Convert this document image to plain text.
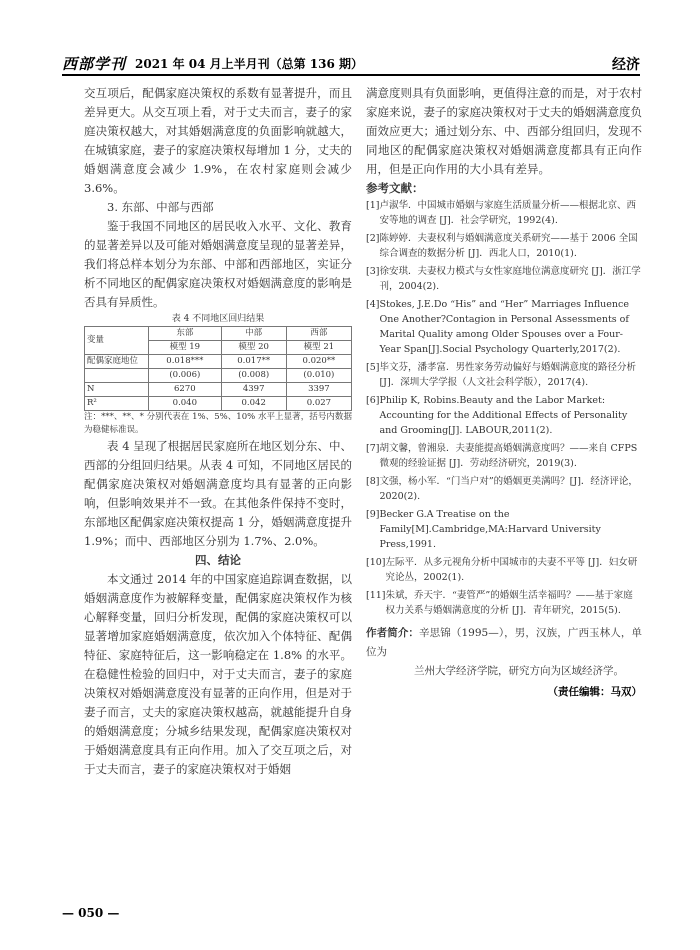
西部学刊 2021 年 04 月上半月刊（总第 136 期）	经济

交互项后，配偶家庭决策权的系数有显著提升，而且差异更大。从交互项上看，对于丈夫而言，妻子的家庭决策权越大，对其婚姻满意度的负面影响就越大，在城镇家庭，妻子的家庭决策权每增加 1 分，丈夫的婚姻满意度会减少 1.9%，在农村家庭则会减少 3.6%。

3. 东部、中部与西部

鉴于我国不同地区的居民收入水平、文化、教育的显著差异以及可能对婚姻满意度呈现的显著差异，我们将总样本划分为东部、中部和西部地区，实证分析不同地区的配偶家庭决策权对婚姻满意度的影响是否具有异质性。

表 4 不同地区回归结果

变量	东部	中部	西部
	模型 19	模型 20	模型 21
配偶家庭地位	0.018***	0.017**	0.020**
	(0.006)	(0.008)	(0.010)
N	6270	4397	3397
R²	0.040	0.042	0.027

注：***、**、* 分别代表在 1%、5%、10% 水平上显著，括号内数据为稳健标准误。

表 4 呈现了根据居民家庭所在地区划分东、中、西部的分组回归结果。从表 4 可知，不同地区居民的配偶家庭决策权对婚姻满意度均具有显著的正向影响，但影响效果并不一致。在其他条件保持不变时，东部地区配偶家庭决策权提高 1 分，婚姻满意度提升 1.9%；而中、西部地区分别为 1.7%、2.0%。

四、结论

本文通过 2014 年的中国家庭追踪调查数据，以婚姻满意度作为被解释变量，配偶家庭决策权作为核心解释变量，回归分析发现，配偶的家庭决策权可以显著增加家庭婚姻满意度，依次加入个体特征、配偶特征、家庭特征后，这一影响稳定在 1.8% 的水平。在稳健性检验的回归中，对于丈夫而言，妻子的家庭决策权对婚姻满意度没有显著的正向作用，但是对于妻子而言，丈夫的家庭决策权越高，就越能提升自身的婚姻满意度；分城乡结果发现，配偶家庭决策权对于婚姻满意度具有正向作用。加入了交互项之后，对于丈夫而言，妻子的家庭决策权对于婚姻

满意度则具有负面影响，更值得注意的而是，对于农村家庭来说，妻子的家庭决策权对于丈夫的婚姻满意度负面效应更大；通过划分东、中、西部分组回归，发现不同地区的配偶家庭决策权对婚姻满意度都具有正向作用，但是正向作用的大小具有差异。

参考文献：

[1] 卢淑华．中国城市婚姻与家庭生活质量分析——根据北京、西安等地的调查 [J]．社会学研究，1992(4).
[2] 陈婷婷．夫妻权利与婚姻满意度关系研究——基于 2006 全国综合调查的数据分析 [J]．西北人口，2010(1).
[3] 徐安琪．夫妻权力模式与女性家庭地位满意度研究 [J]．浙江学刊，2004(2).
[4] Stokes, J.E.Do “His” and “Her” Marriages Influence One Another?Contagion in Personal Assessments of Marital Quality among Older Spouses over a Four-Year Span[J].Social Psychology Quarterly,2017(2).
[5] 毕文芬，潘孝富．男性家务劳动偏好与婚姻满意度的路径分析 [J]．深圳大学学报（人文社会科学版），2017(4).
[6] Philip K, Robins.Beauty and the Labor Market: Accounting for the Additional Effects of Personality and Grooming[J]. LABOUR,2011(2).
[7] 胡文馨，曾湘泉．夫妻能提高婚姻满意度吗？——来自 CFPS 微观的经验证据 [J]．劳动经济研究，2019(3).
[8] 文强，杨小军．“门当户对”的婚姻更美满吗？[J]．经济评论，2020(2).
[9] Becker G.A Treatise on the Family[M].Cambridge,MA:Harvard University Press,1991.
[10] 左际平．从多元视角分析中国城市的夫妻不平等 [J]．妇女研究论丛，2002(1).
[11] 朱斌，乔天宇．“妻管严”的婚姻生活幸福吗？——基于家庭权力关系与婚姻满意度的分析 [J]．青年研究，2015(5).
作者简介：辛思锦（1995—），男，汉族，广西玉林人，单位为
兰州大学经济学院，研究方向为区域经济学。
（责任编辑：马双）
— 050 —
